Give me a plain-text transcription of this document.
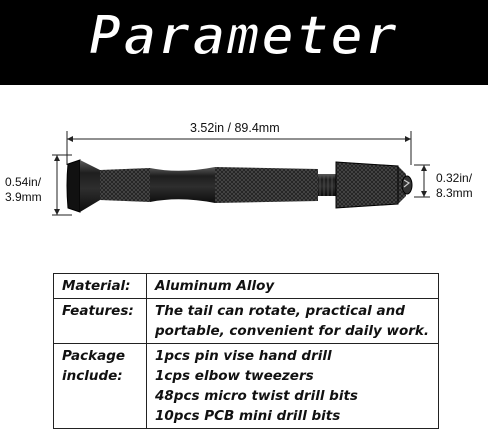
Parameter
3.52in / 89.4mm
0.54in/
3.9mm
0.32in/
8.3mm
Material:	Aluminum Alloy
Features:	The tail can rotate, practical and
portable, convenient for daily work.

Package
include:	1pcs pin vise hand drill
1cps elbow tweezers
48pcs micro twist drill bits
10pcs PCB mini drill bits
